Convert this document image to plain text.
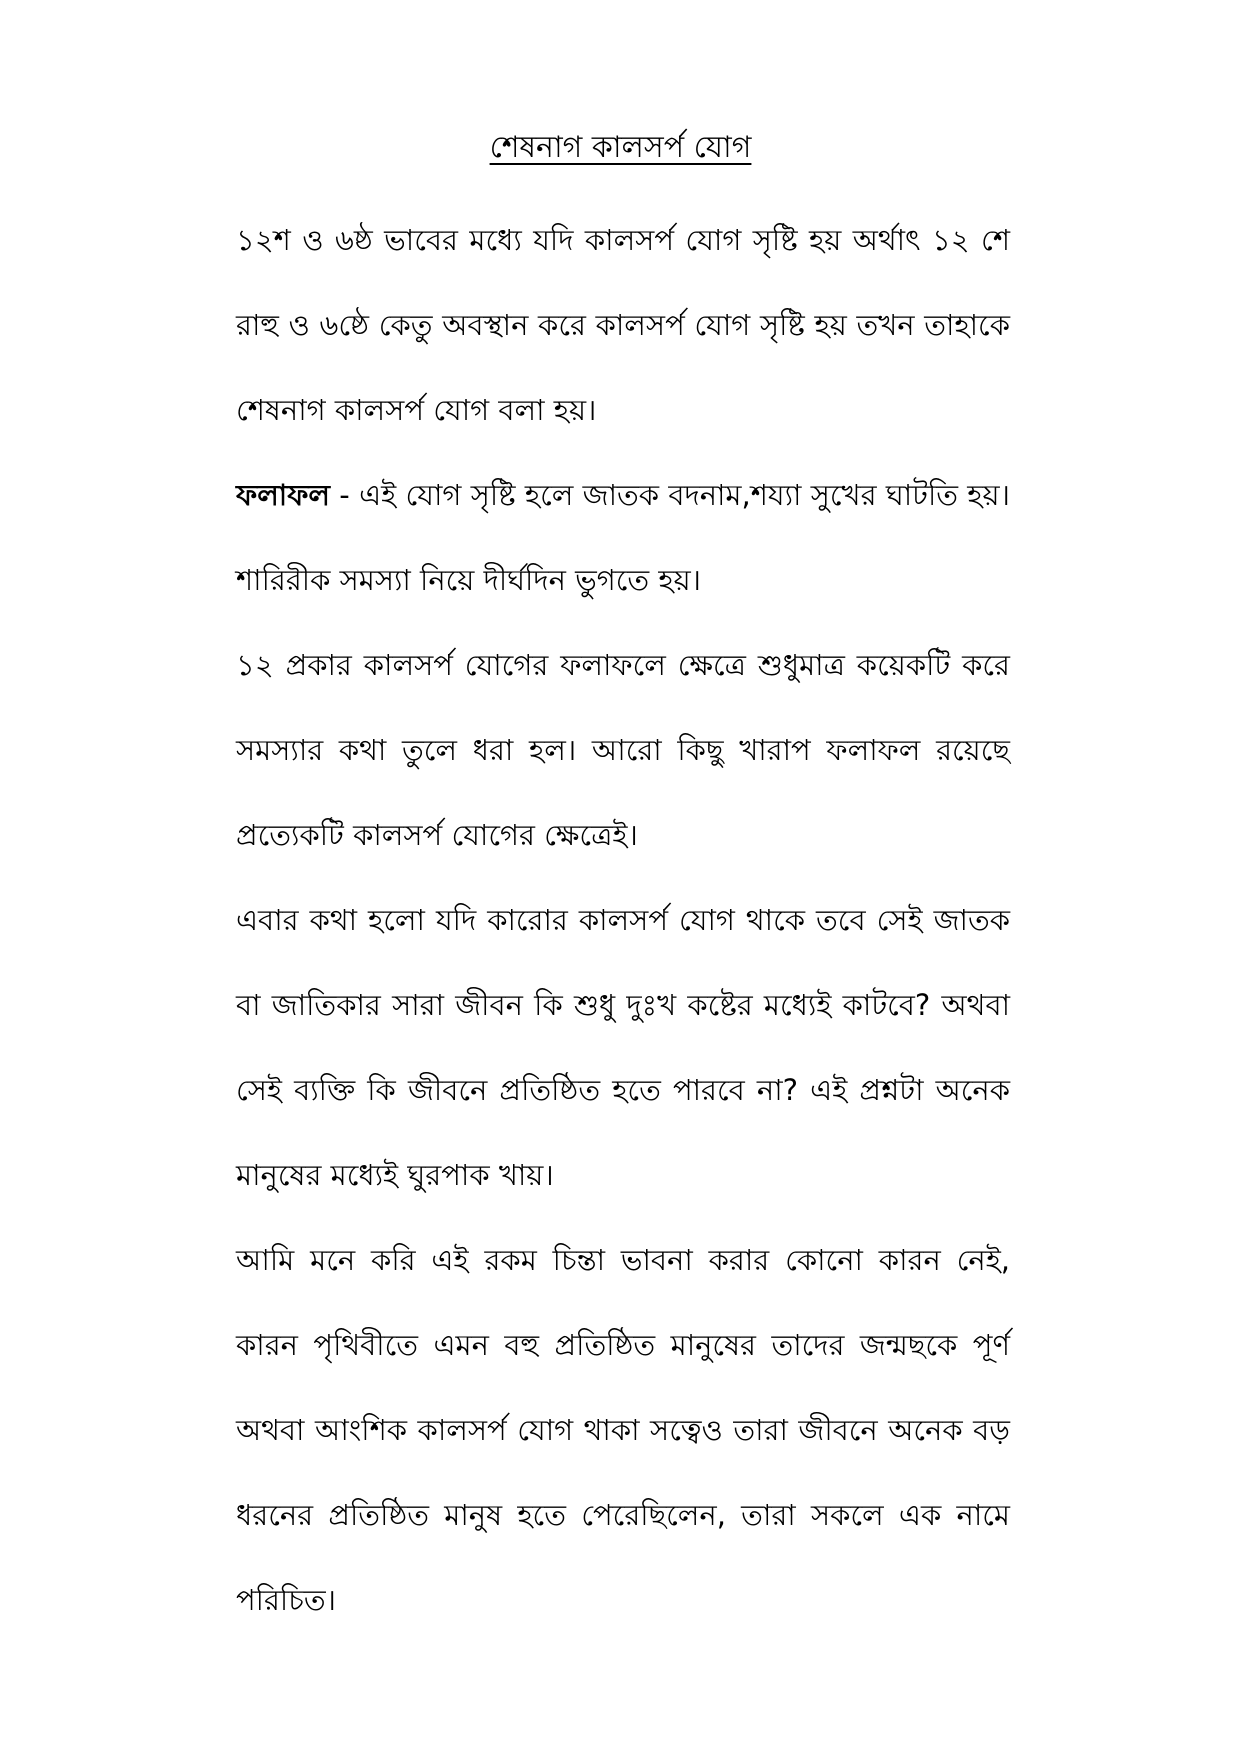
শেষনাগ কালসর্প যোগ

১২শ ও ৬ষ্ঠ ভাবের মধ্যে যদি কালসর্প যোগ সৃষ্টি হয় অর্থাৎ ১২ শে রাহু ও ৬ষ্ঠে কেতু অবস্থান করে কালসর্প যোগ সৃষ্টি হয় তখন তাহাকে শেষনাগ কালসর্প যোগ বলা হয়।

ফলাফল - এই যোগ সৃষ্টি হলে জাতক বদনাম,শয্যা সুখের ঘাটতি হয়। শারিরীক সমস্যা নিয়ে দীর্ঘদিন ভুগতে হয়।

১২ প্রকার কালসর্প যোগের ফলাফলে ক্ষেত্রে শুধুমাত্র কয়েকটি করে সমস্যার কথা তুলে ধরা হল। আরো কিছু খারাপ ফলাফল রয়েছে প্রত্যেকটি কালসর্প যোগের ক্ষেত্রেই।

এবার কথা হলো যদি কারোর কালসর্প যোগ থাকে তবে সেই জাতক বা জাতিকার সারা জীবন কি শুধু দুঃখ কষ্টের মধ্যেই কাটবে? অথবা সেই ব্যক্তি কি জীবনে প্রতিষ্ঠিত হতে পারবে না? এই প্রশ্নটা অনেক মানুষের মধ্যেই ঘুরপাক খায়।

আমি মনে করি এই রকম চিন্তা ভাবনা করার কোনো কারন নেই, কারন পৃথিবীতে এমন বহু প্রতিষ্ঠিত মানুষের তাদের জন্মছকে পূর্ণ অথবা আংশিক কালসর্প যোগ থাকা সত্বেও তারা জীবনে অনেক বড় ধরনের প্রতিষ্ঠিত মানুষ হতে পেরেছিলেন, তারা সকলে এক নামে পরিচিত।
